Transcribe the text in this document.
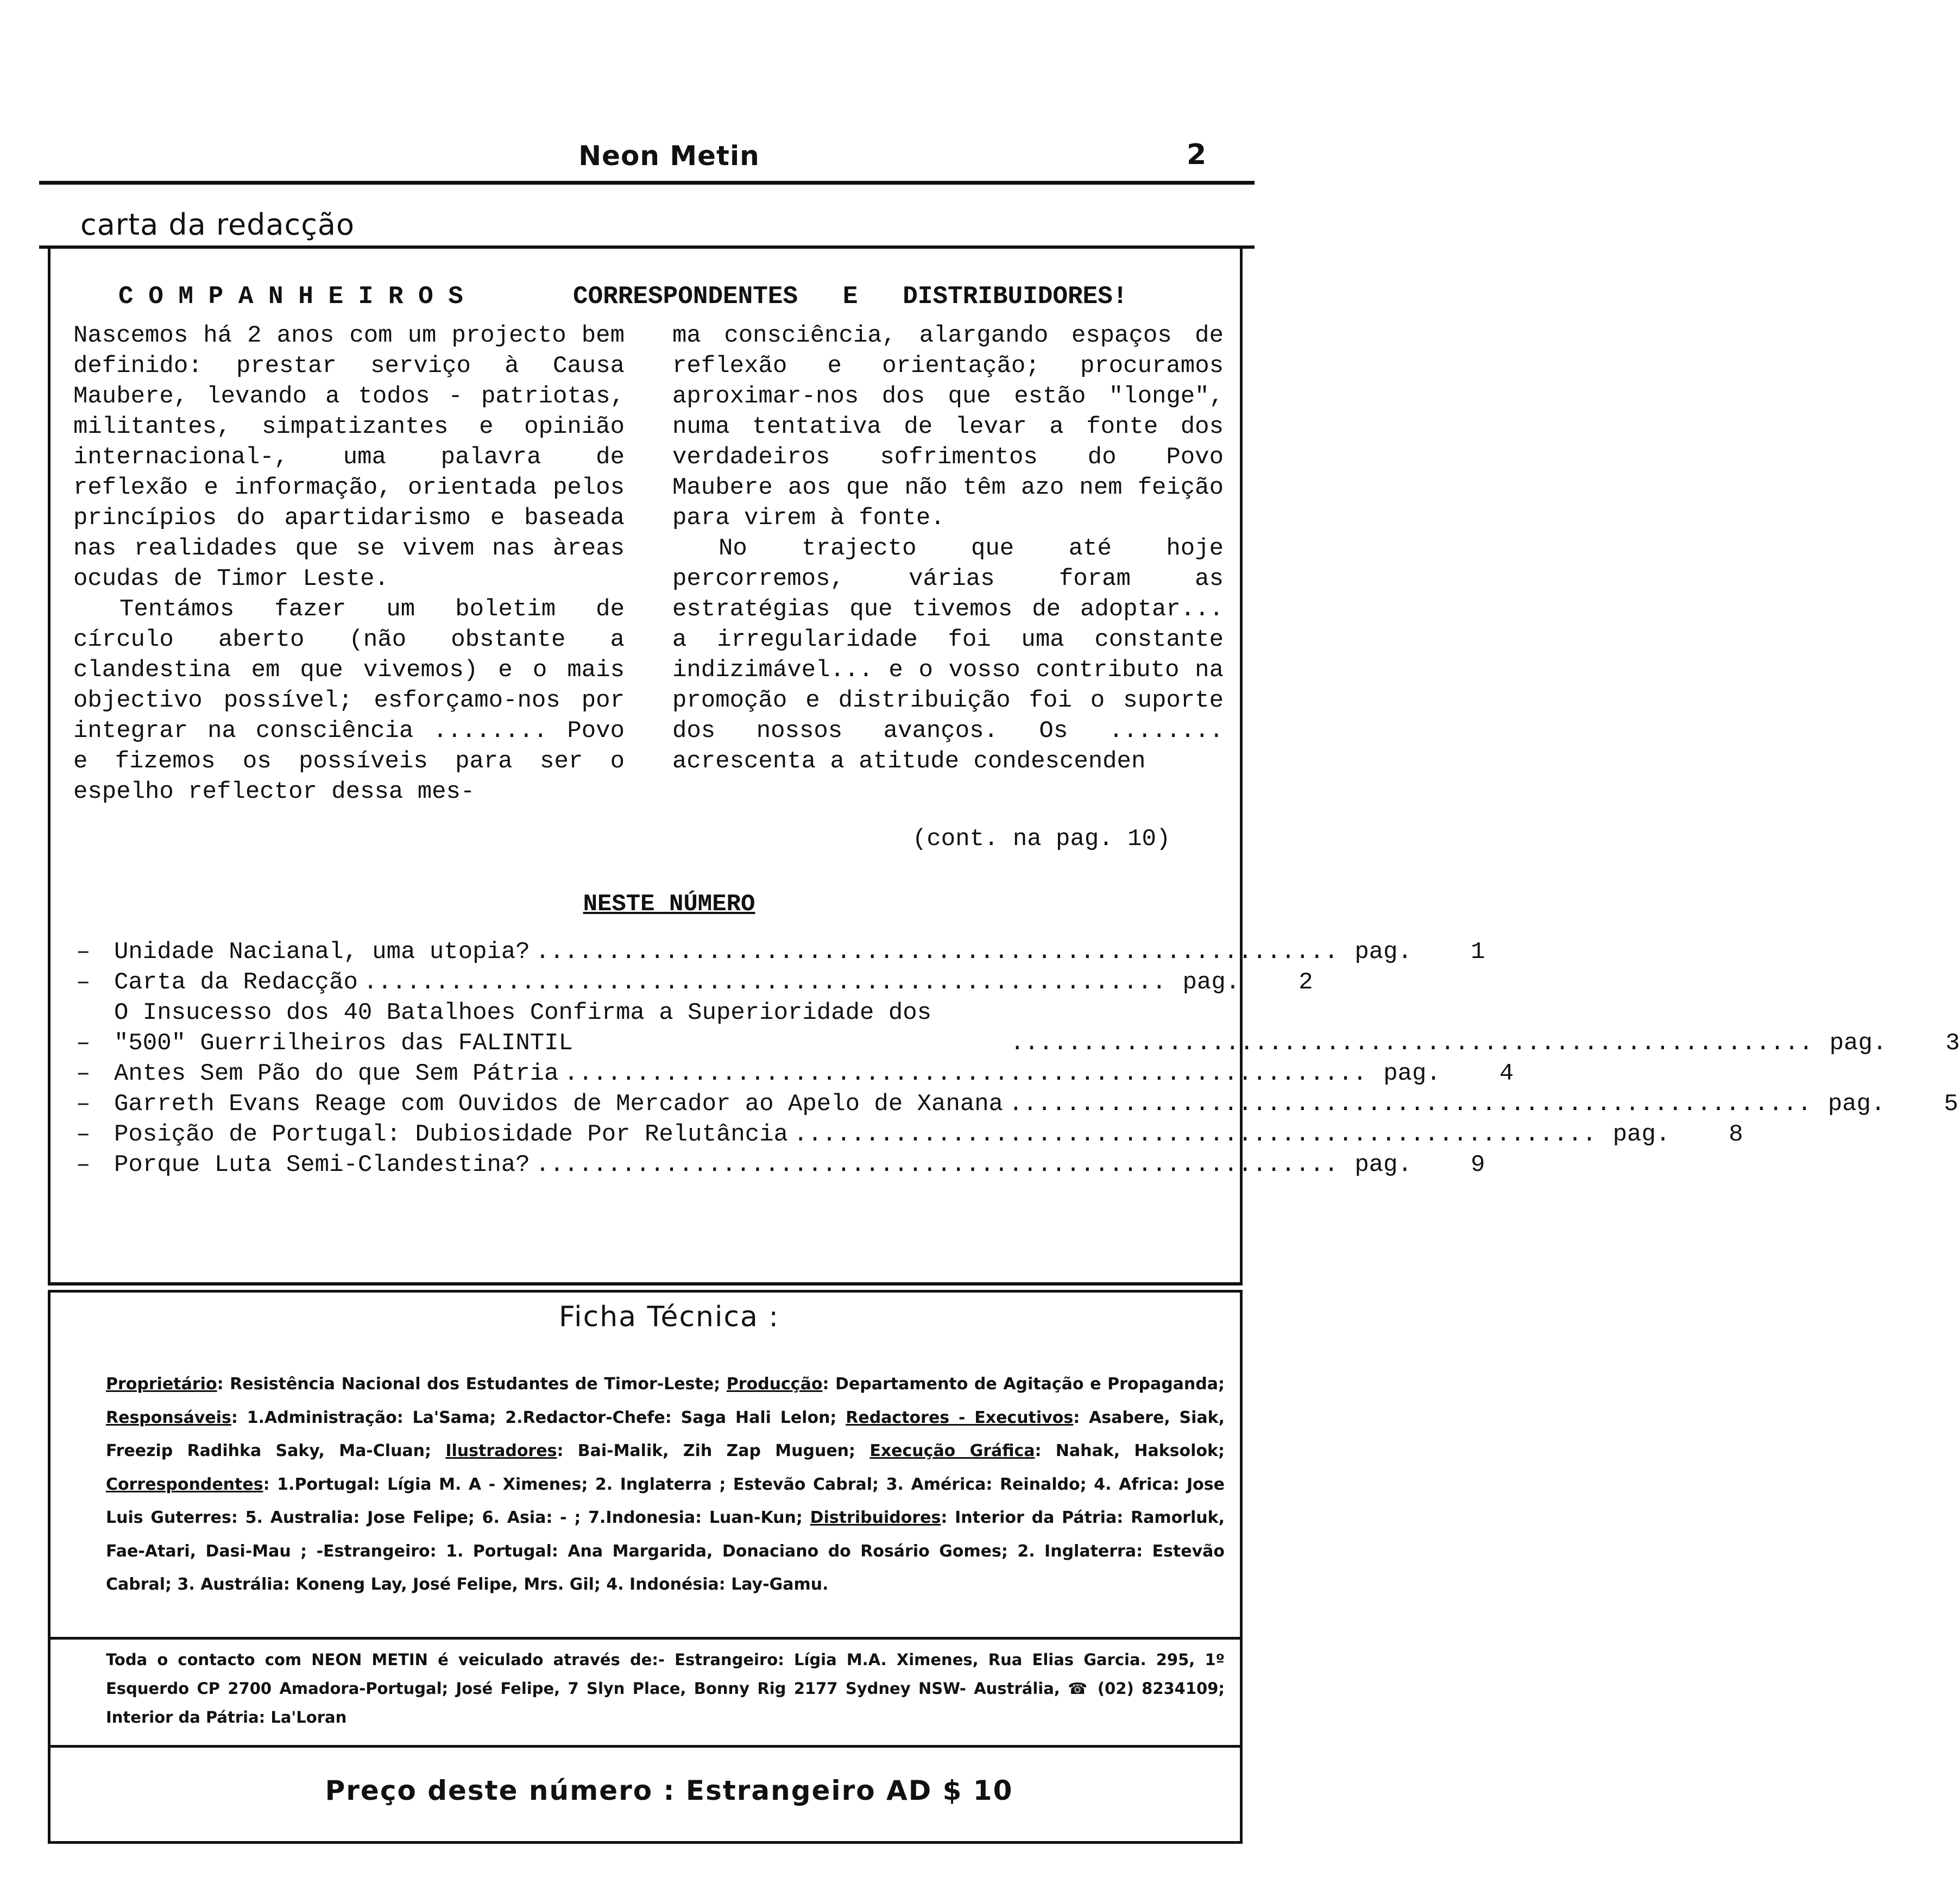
Neon Metin	2
carta da redacção
C O M P A N H E I R O S	CORRESPONDENTES   E   DISTRIBUIDORES!

Nascemos há 2 anos com um projecto bem definido: prestar serviço à Causa Maubere, levando a todos - patriotas, militantes, simpatizantes e opinião internacional-, uma palavra de reflexão e informação, orientada pelos princípios do apartidarismo e baseada nas realidades que se vivem nas àreas ocudas de Timor Leste.

Tentámos fazer um boletim de círculo aberto (não obstante a clandestina em que vivemos) e o mais objectivo possível; esforçamo-nos por integrar na consciência ........ Povo e fizemos os possíveis para ser o espelho reflector dessa mes-

ma consciência, alargando espaços de reflexão e orientação; procuramos aproximar-nos dos que estão "longe", numa tentativa de levar a fonte dos verdadeiros sofrimentos do Povo Maubere aos que não têm azo nem feição para virem à fonte.

No trajecto que até hoje percorremos, várias foram as estratégias que tivemos de adoptar... a irregularidade foi uma constante indizimável... e o vosso contributo na promoção e distribuição foi o suporte dos nossos avanços. Os ........ acrescenta a atitude condescenden

(cont. na pag. 10)
NESTE NÚMERO
– Unidade Nacianal, uma utopia? ........................................................ pag.	1
– Carta da Redacção ........................................................ pag.	2
–
O Insucesso dos 40 Batalhoes Confirma a Superioridade dos "500" Guerrilheiros das FALINTIL	........................................................ pag.	3
– Antes Sem Pão do que Sem Pátria ........................................................ pag.	4
– Garreth Evans Reage com Ouvidos de Mercador ao Apelo de Xanana ........................................................ pag.	5
– Posição de Portugal: Dubiosidade Por Relutância ........................................................ pag.	8
– Porque Luta Semi-Clandestina? ........................................................ pag.	9
Ficha Técnica :
Proprietário: Resistência Nacional dos Estudantes de Timor-Leste; Producção: Departamento de Agitação e Propaganda; Responsáveis: 1.Administração: La'Sama; 2.Redactor-Chefe: Saga Hali Lelon; Redactores - Executivos: Asabere, Siak, Freezip Radihka Saky, Ma-Cluan; Ilustradores: Bai-Malik, Zih Zap Muguen; Execução Gráfica: Nahak, Haksolok; Correspondentes: 1.Portugal: Lígia M. A - Ximenes; 2. Inglaterra ; Estevão Cabral; 3. América: Reinaldo; 4. Africa: Jose Luis Guterres: 5. Australia: Jose Felipe; 6. Asia: - ; 7.Indonesia: Luan-Kun; Distribuidores: Interior da Pátria: Ramorluk, Fae-Atari, Dasi-Mau ; -Estrangeiro: 1. Portugal: Ana Margarida, Donaciano do Rosário Gomes; 2. Inglaterra: Estevão Cabral; 3. Austrália: Koneng Lay, José Felipe, Mrs. Gil; 4. Indonésia: Lay-Gamu.
Toda o contacto com NEON METIN é veiculado através de:- Estrangeiro: Lígia M.A. Ximenes, Rua Elias Garcia. 295, 1º Esquerdo CP 2700 Amadora-Portugal; José Felipe, 7 Slyn Place, Bonny Rig 2177 Sydney NSW- Austrália, ☎ (02) 8234109; Interior da Pátria: La'Loran
Preço deste número : Estrangeiro AD $ 10
